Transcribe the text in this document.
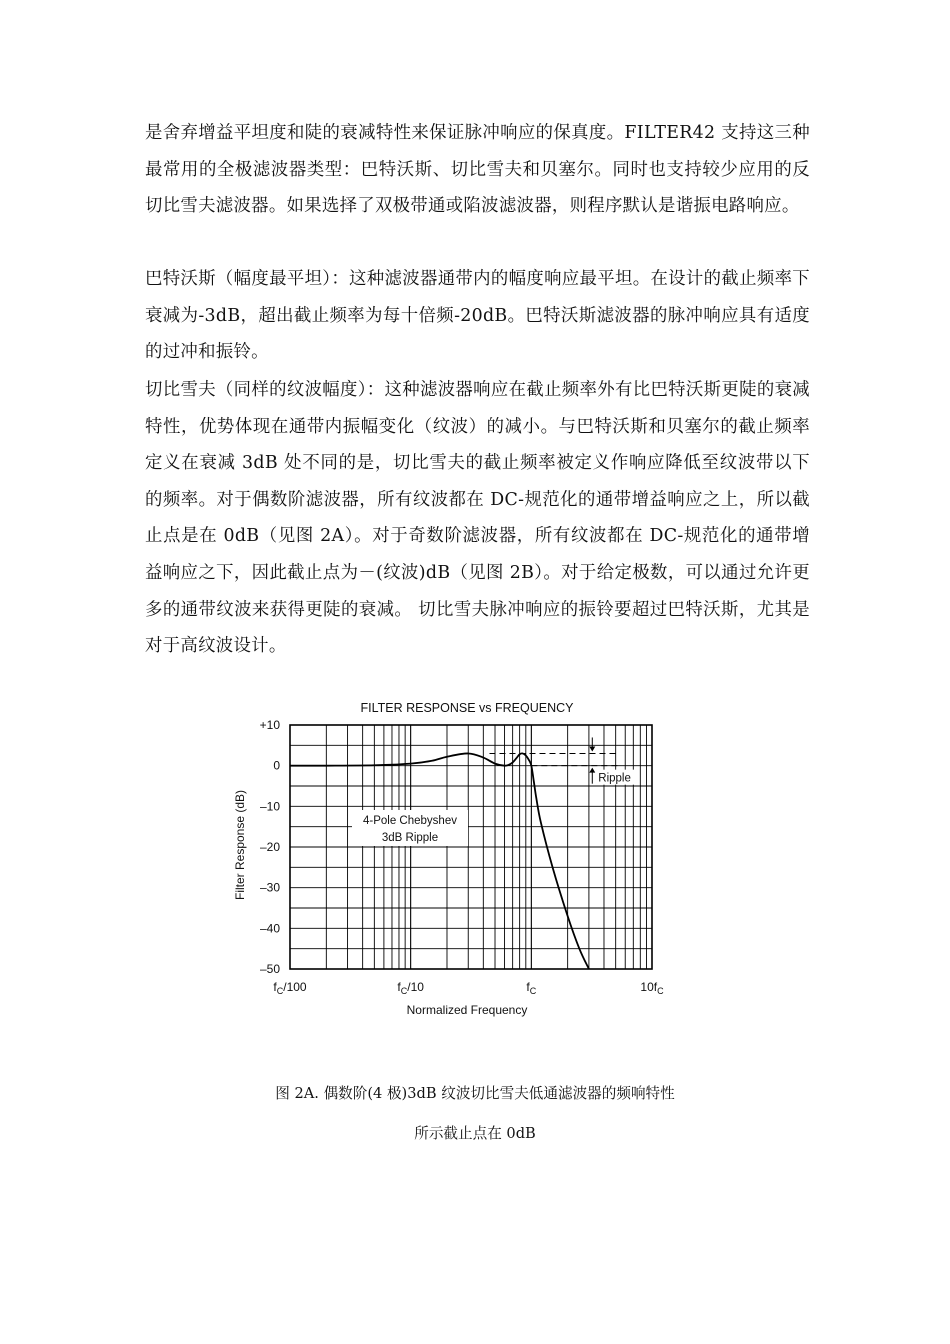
是舍弃增益平坦度和陡的衰减特性来保证脉冲响应的保真度。FILTER42 支持这三种最常用的全极滤波器类型：巴特沃斯、切比雪夫和贝塞尔。同时也支持较少应用的反切比雪夫滤波器。如果选择了双极带通或陷波滤波器，则程序默认是谐振电路响应。

巴特沃斯（幅度最平坦）：这种滤波器通带内的幅度响应最平坦。在设计的截止频率下衰减为-3dB，超出截止频率为每十倍频-20dB。巴特沃斯滤波器的脉冲响应具有适度的过冲和振铃。

切比雪夫（同样的纹波幅度）：这种滤波器响应在截止频率外有比巴特沃斯更陡的衰减特性，优势体现在通带内振幅变化（纹波）的减小。与巴特沃斯和贝塞尔的截止频率定义在衰减 3dB 处不同的是，切比雪夫的截止频率被定义作响应降低至纹波带以下的频率。对于偶数阶滤波器，所有纹波都在 DC-规范化的通带增益响应之上，所以截止点是在 0dB（见图 2A）。对于奇数阶滤波器，所有纹波都在 DC-规范化的通带增益响应之下，因此截止点为－(纹波)dB（见图 2B）。对于给定极数，可以通过允许更多的通带纹波来获得更陡的衰减。 切比雪夫脉冲响应的振铃要超过巴特沃斯，尤其是对于高纹波设计。

FILTER RESPONSE vs FREQUENCY
Filter Response (dB)
Normalized Frequency
+10
0
–10
–20
–30
–40
–50
$f_C/100$	$f_C/10$	$f_C$	$10f_C$
4-Pole Chebyshev
3dB Ripple
Ripple

图 2A. 偶数阶(4 极)3dB 纹波切比雪夫低通滤波器的频响特性

所示截止点在 0dB
